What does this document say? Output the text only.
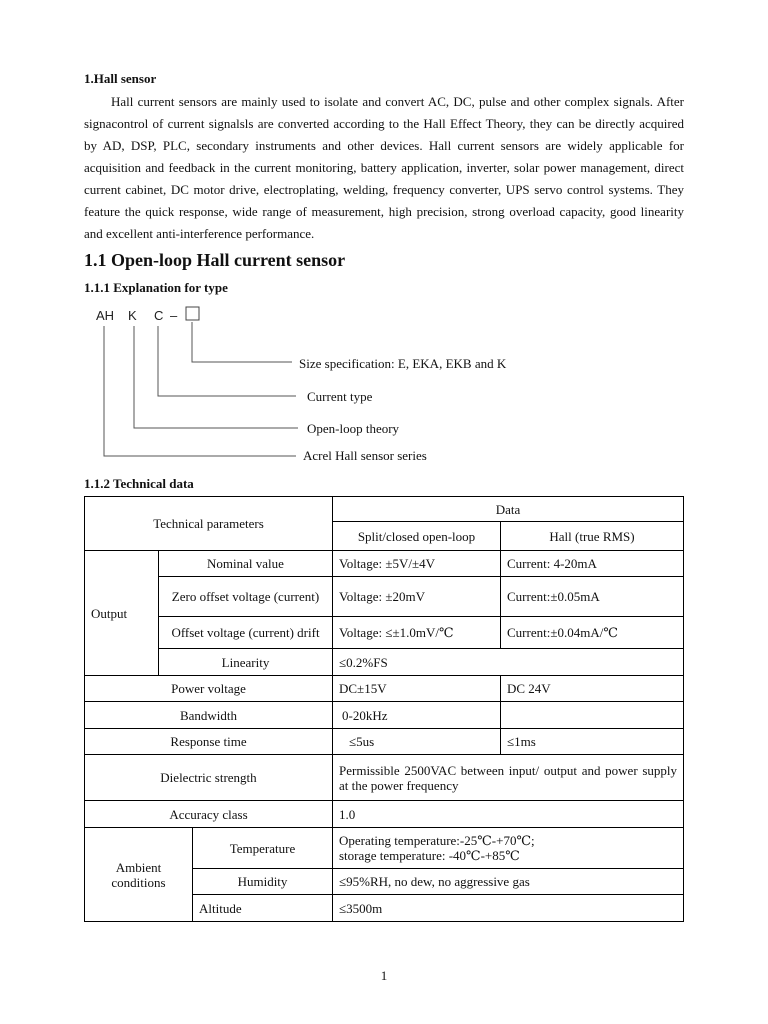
1.Hall sensor

Hall current sensors are mainly used to isolate and convert AC, DC, pulse and other complex signals. After signacontrol of current signalsls are converted according to the Hall Effect Theory, they can be directly acquired by AD, DSP, PLC, secondary instruments and other devices. Hall current sensors are widely applicable for acquisition and feedback in the current monitoring, battery application, inverter, solar power management, direct current cabinet, DC motor drive, electroplating, welding, frequency converter, UPS servo control systems. They feature the quick response, wide range of measurement, high precision, strong overload capacity, good linearity and excellent anti-interference performance.

1.1 Open-loop Hall current sensor
1.1.1 Explanation for type
AH K C –
Size specification: E, EKA, EKB and K
Current type
Open-loop theory
Acrel Hall sensor series
1.1.2 Technical data
Technical parameters			Data	
			Split/closed open-loop	Hall (true RMS)
Output	Nominal value		Voltage: ±5V/±4V	Current: 4-20mA
	Zero offset voltage (current)		Voltage: ±20mV	Current:±0.05mA
	Offset voltage (current) drift		Voltage: ≤±1.0mV/℃	Current:±0.04mA/℃
	Linearity		≤0.2%FS	
Power voltage			DC±15V	DC 24V
Bandwidth			0-20kHz	
Response time			≤5us	≤1ms
Dielectric strength			Permissible 2500VAC between input/ output and power supply at the power frequency	
Accuracy class			1.0	
Ambient conditions		Temperature	Operating temperature:-25℃-+70℃;
storage temperature: -40℃-+85℃	

		Humidity	≤95%RH, no dew, no aggressive gas	
		Altitude	≤3500m	
1
